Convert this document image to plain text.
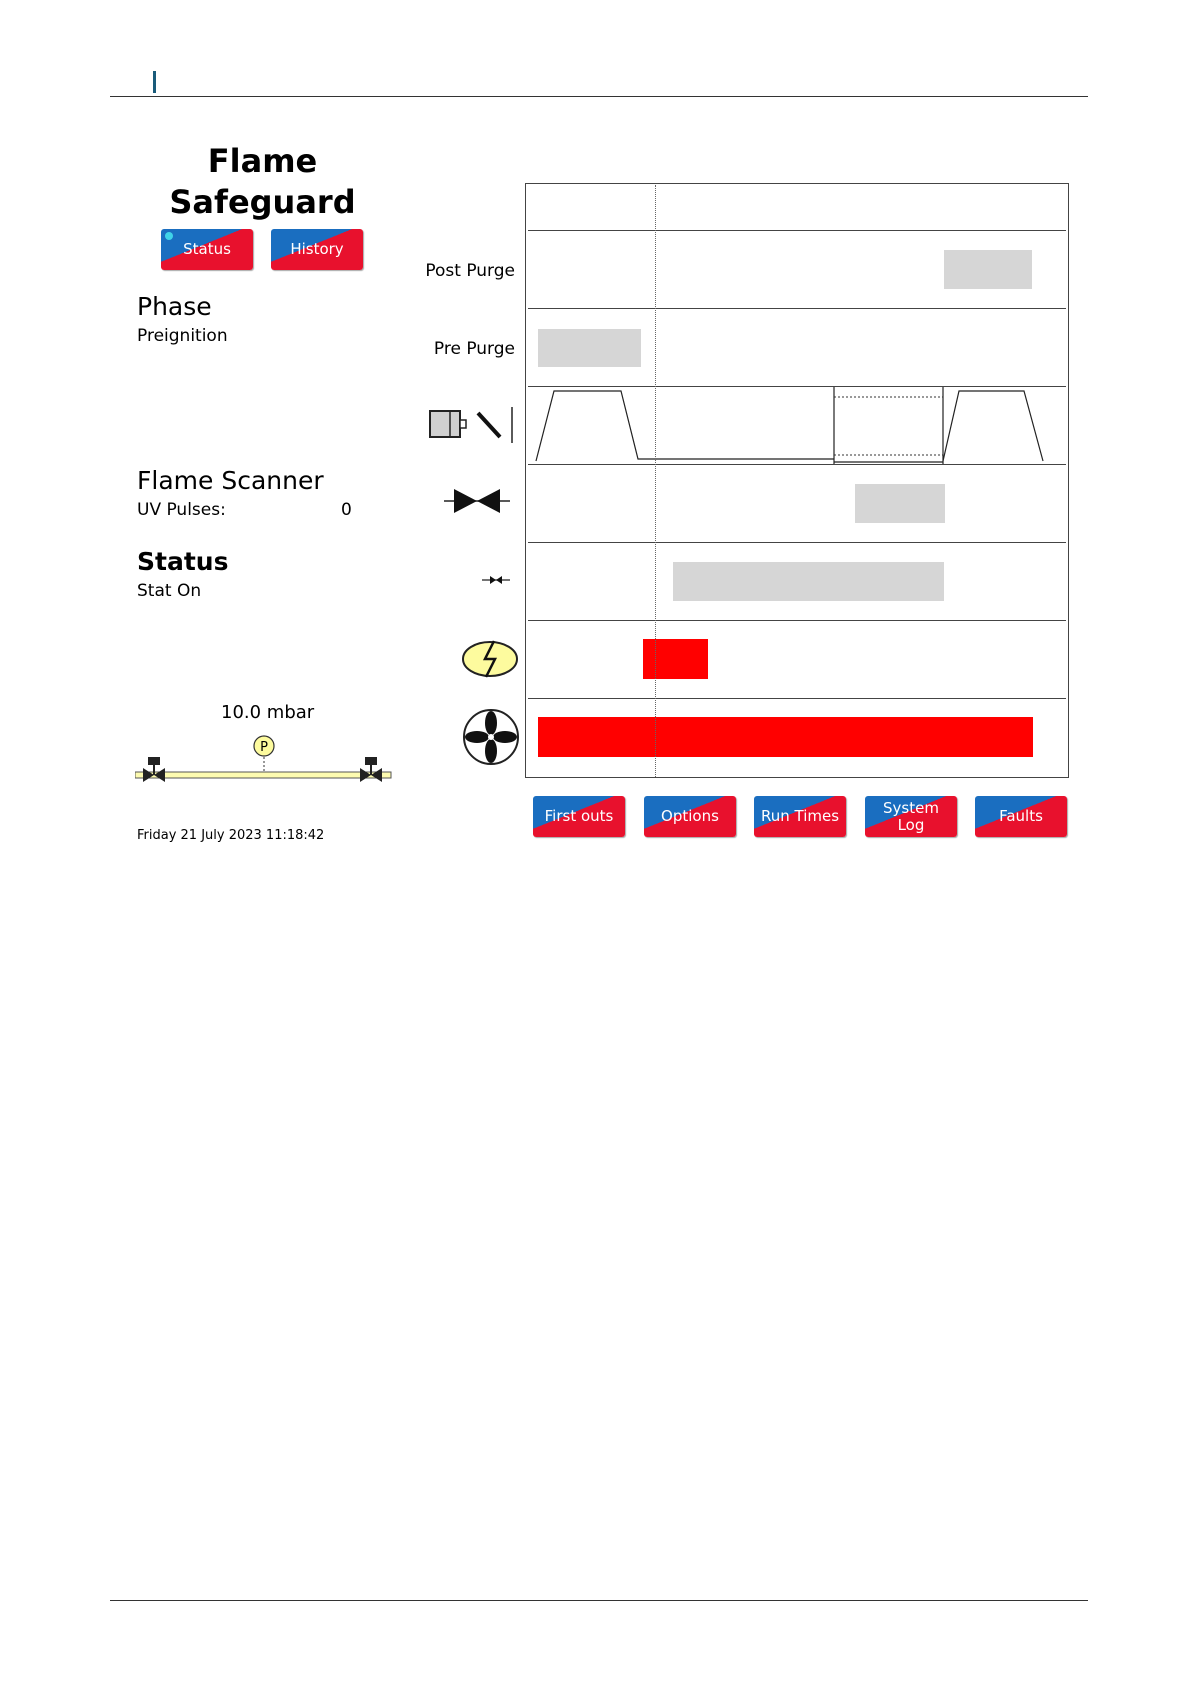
Flame
Safeguard
Status	History
Phase
Preignition
Flame Scanner
UV Pulses:	0
Status
Stat On
10.0 mbar
P
Friday 21 July 2023 11:18:42
Post Purge
Pre Purge
First outs	Options	Run Times	System Log	Faults
